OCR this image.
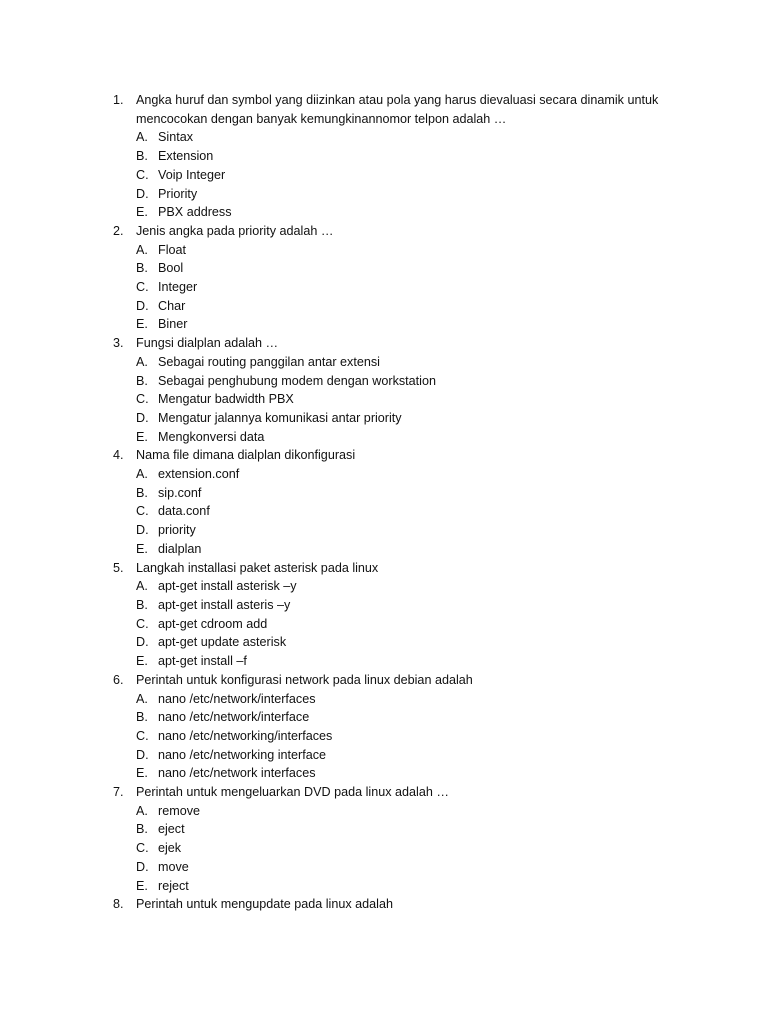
1. Angka huruf dan symbol yang diizinkan atau pola yang harus dievaluasi secara dinamik untuk mencocokan dengan banyak kemungkinannomor telpon adalah …
A. Sintax
B. Extension
C. Voip Integer
D. Priority
E. PBX address
2. Jenis angka pada priority adalah …
A. Float
B. Bool
C. Integer
D. Char
E. Biner
3. Fungsi dialplan adalah …
A. Sebagai routing panggilan antar extensi
B. Sebagai penghubung modem dengan workstation
C. Mengatur badwidth PBX
D. Mengatur jalannya komunikasi antar priority
E. Mengkonversi data
4. Nama file dimana dialplan dikonfigurasi
A. extension.conf
B. sip.conf
C. data.conf
D. priority
E. dialplan
5. Langkah installasi paket asterisk pada linux
A. apt-get install asterisk –y
B. apt-get install asteris –y
C. apt-get cdroom add
D. apt-get update asterisk
E. apt-get install –f
6. Perintah untuk konfigurasi network pada linux debian adalah
A. nano /etc/network/interfaces
B. nano /etc/network/interface
C. nano /etc/networking/interfaces
D. nano /etc/networking interface
E. nano /etc/network interfaces
7. Perintah untuk mengeluarkan DVD pada linux adalah …
A. remove
B. eject
C. ejek
D. move
E. reject
8. Perintah untuk mengupdate pada linux adalah
